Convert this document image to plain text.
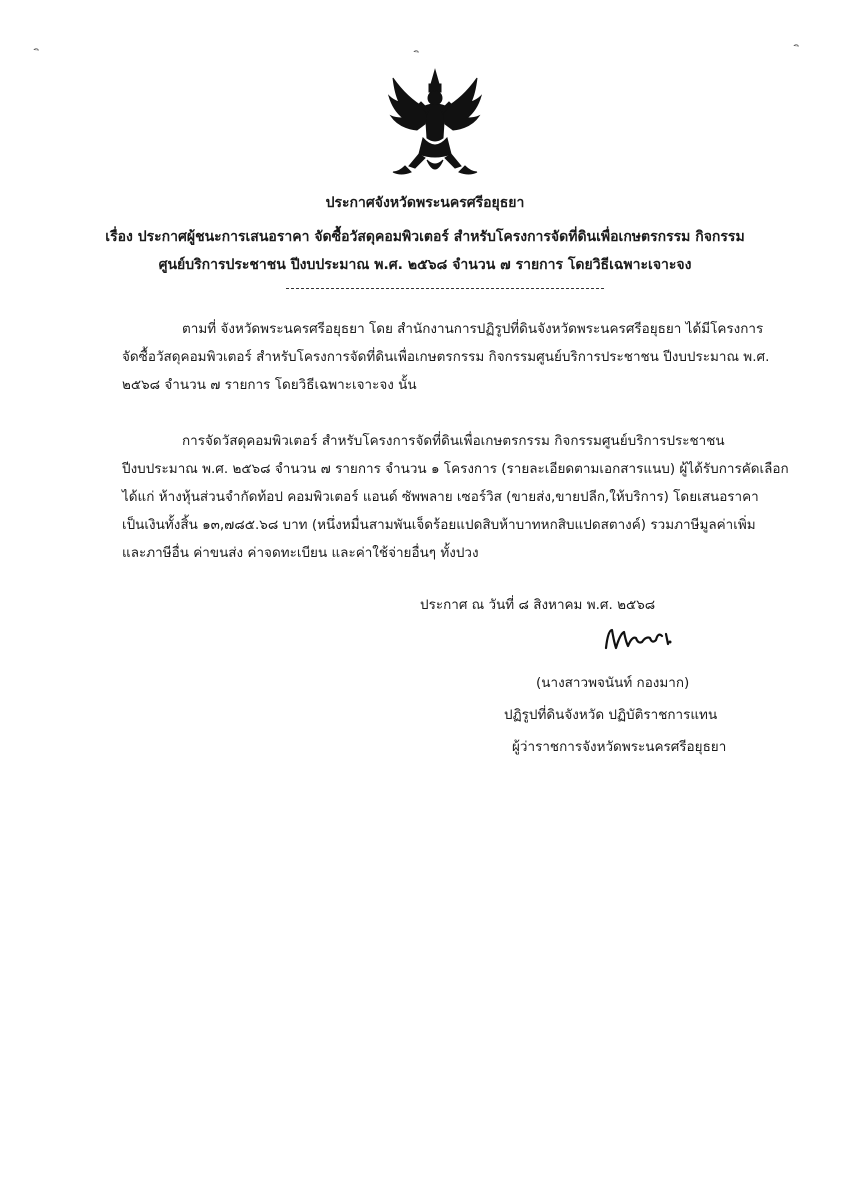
ประกาศจังหวัดพระนครศรีอยุธยา
เรื่อง ประกาศผู้ชนะการเสนอราคา จัดซื้อวัสดุคอมพิวเตอร์ สำหรับโครงการจัดที่ดินเพื่อเกษตรกรรม กิจกรรม
ศูนย์บริการประชาชน ปีงบประมาณ พ.ศ. ๒๕๖๘ จำนวน ๗ รายการ โดยวิธีเฉพาะเจาะจง
ตามที่ จังหวัดพระนครศรีอยุธยา โดย สำนักงานการปฏิรูปที่ดินจังหวัดพระนครศรีอยุธยา ได้มีโครงการ
จัดซื้อวัสดุคอมพิวเตอร์ สำหรับโครงการจัดที่ดินเพื่อเกษตรกรรม กิจกรรมศูนย์บริการประชาชน ปีงบประมาณ พ.ศ.
๒๕๖๘ จำนวน ๗ รายการ โดยวิธีเฉพาะเจาะจง นั้น
การจัดวัสดุคอมพิวเตอร์ สำหรับโครงการจัดที่ดินเพื่อเกษตรกรรม กิจกรรมศูนย์บริการประชาชน
ปีงบประมาณ พ.ศ. ๒๕๖๘ จำนวน ๗ รายการ จำนวน ๑ โครงการ (รายละเอียดตามเอกสารแนบ) ผู้ได้รับการคัดเลือก
ได้แก่ ห้างหุ้นส่วนจำกัดท้อป คอมพิวเตอร์ แอนด์ ซัพพลาย เซอร์วิส (ขายส่ง,ขายปลีก,ให้บริการ) โดยเสนอราคา
เป็นเงินทั้งสิ้น ๑๓,๗๘๕.๖๘ บาท (หนึ่งหมื่นสามพันเจ็ดร้อยแปดสิบห้าบาทหกสิบแปดสตางค์) รวมภาษีมูลค่าเพิ่ม
และภาษีอื่น ค่าขนส่ง ค่าจดทะเบียน และค่าใช้จ่ายอื่นๆ ทั้งปวง
ประกาศ ณ วันที่ ๘ สิงหาคม พ.ศ. ๒๕๖๘
(นางสาวพจนันท์ กองมาก)
ปฏิรูปที่ดินจังหวัด ปฏิบัติราชการแทน
ผู้ว่าราชการจังหวัดพระนครศรีอยุธยา
